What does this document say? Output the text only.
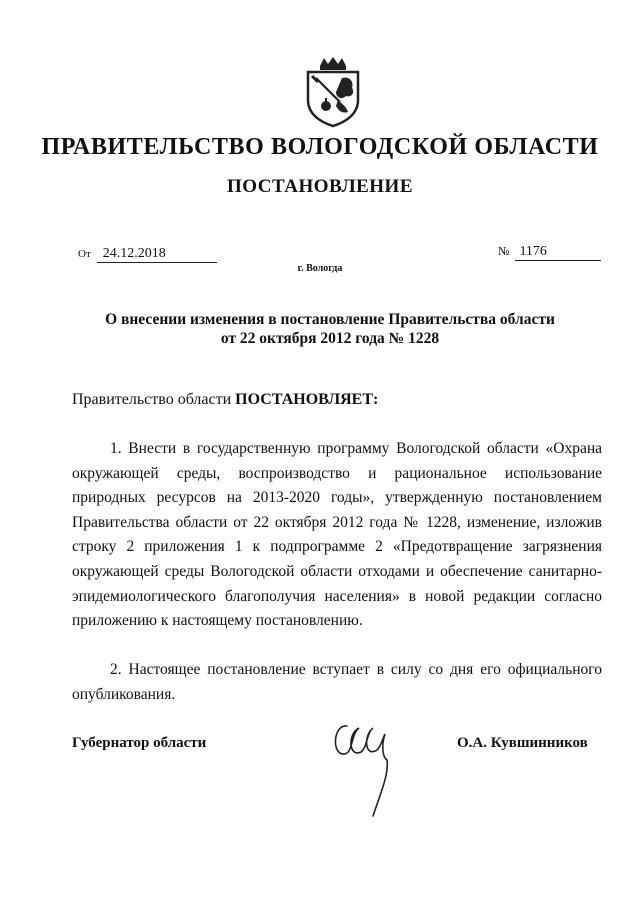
ПРАВИТЕЛЬСТВО ВОЛОГОДСКОЙ ОБЛАСТИ
ПОСТАНОВЛЕНИЕ
От 24.12.2018	№ 1176
г. Вологда
О внесении изменения в постановление Правительства области
от 22 октября 2012 года № 1228
Правительство области ПОСТАНОВЛЯЕТ:

1. Внести в государственную программу Вологодской области «Охрана окружающей среды, воспроизводство и рациональное использование природных ресурсов на 2013-2020 годы», утвержденную постановлением Правительства области от 22 октября 2012 года № 1228, изменение, изложив строку 2 приложения 1 к подпрограмме 2 «Предотвращение загрязнения окружающей среды Вологодской области отходами и обеспечение санитарно-эпидемиологического благополучия населения» в новой редакции согласно приложению к настоящему постановлению.

2. Настоящее постановление вступает в силу со дня его официального опубликования.

Губернатор области	О.А. Кувшинников
